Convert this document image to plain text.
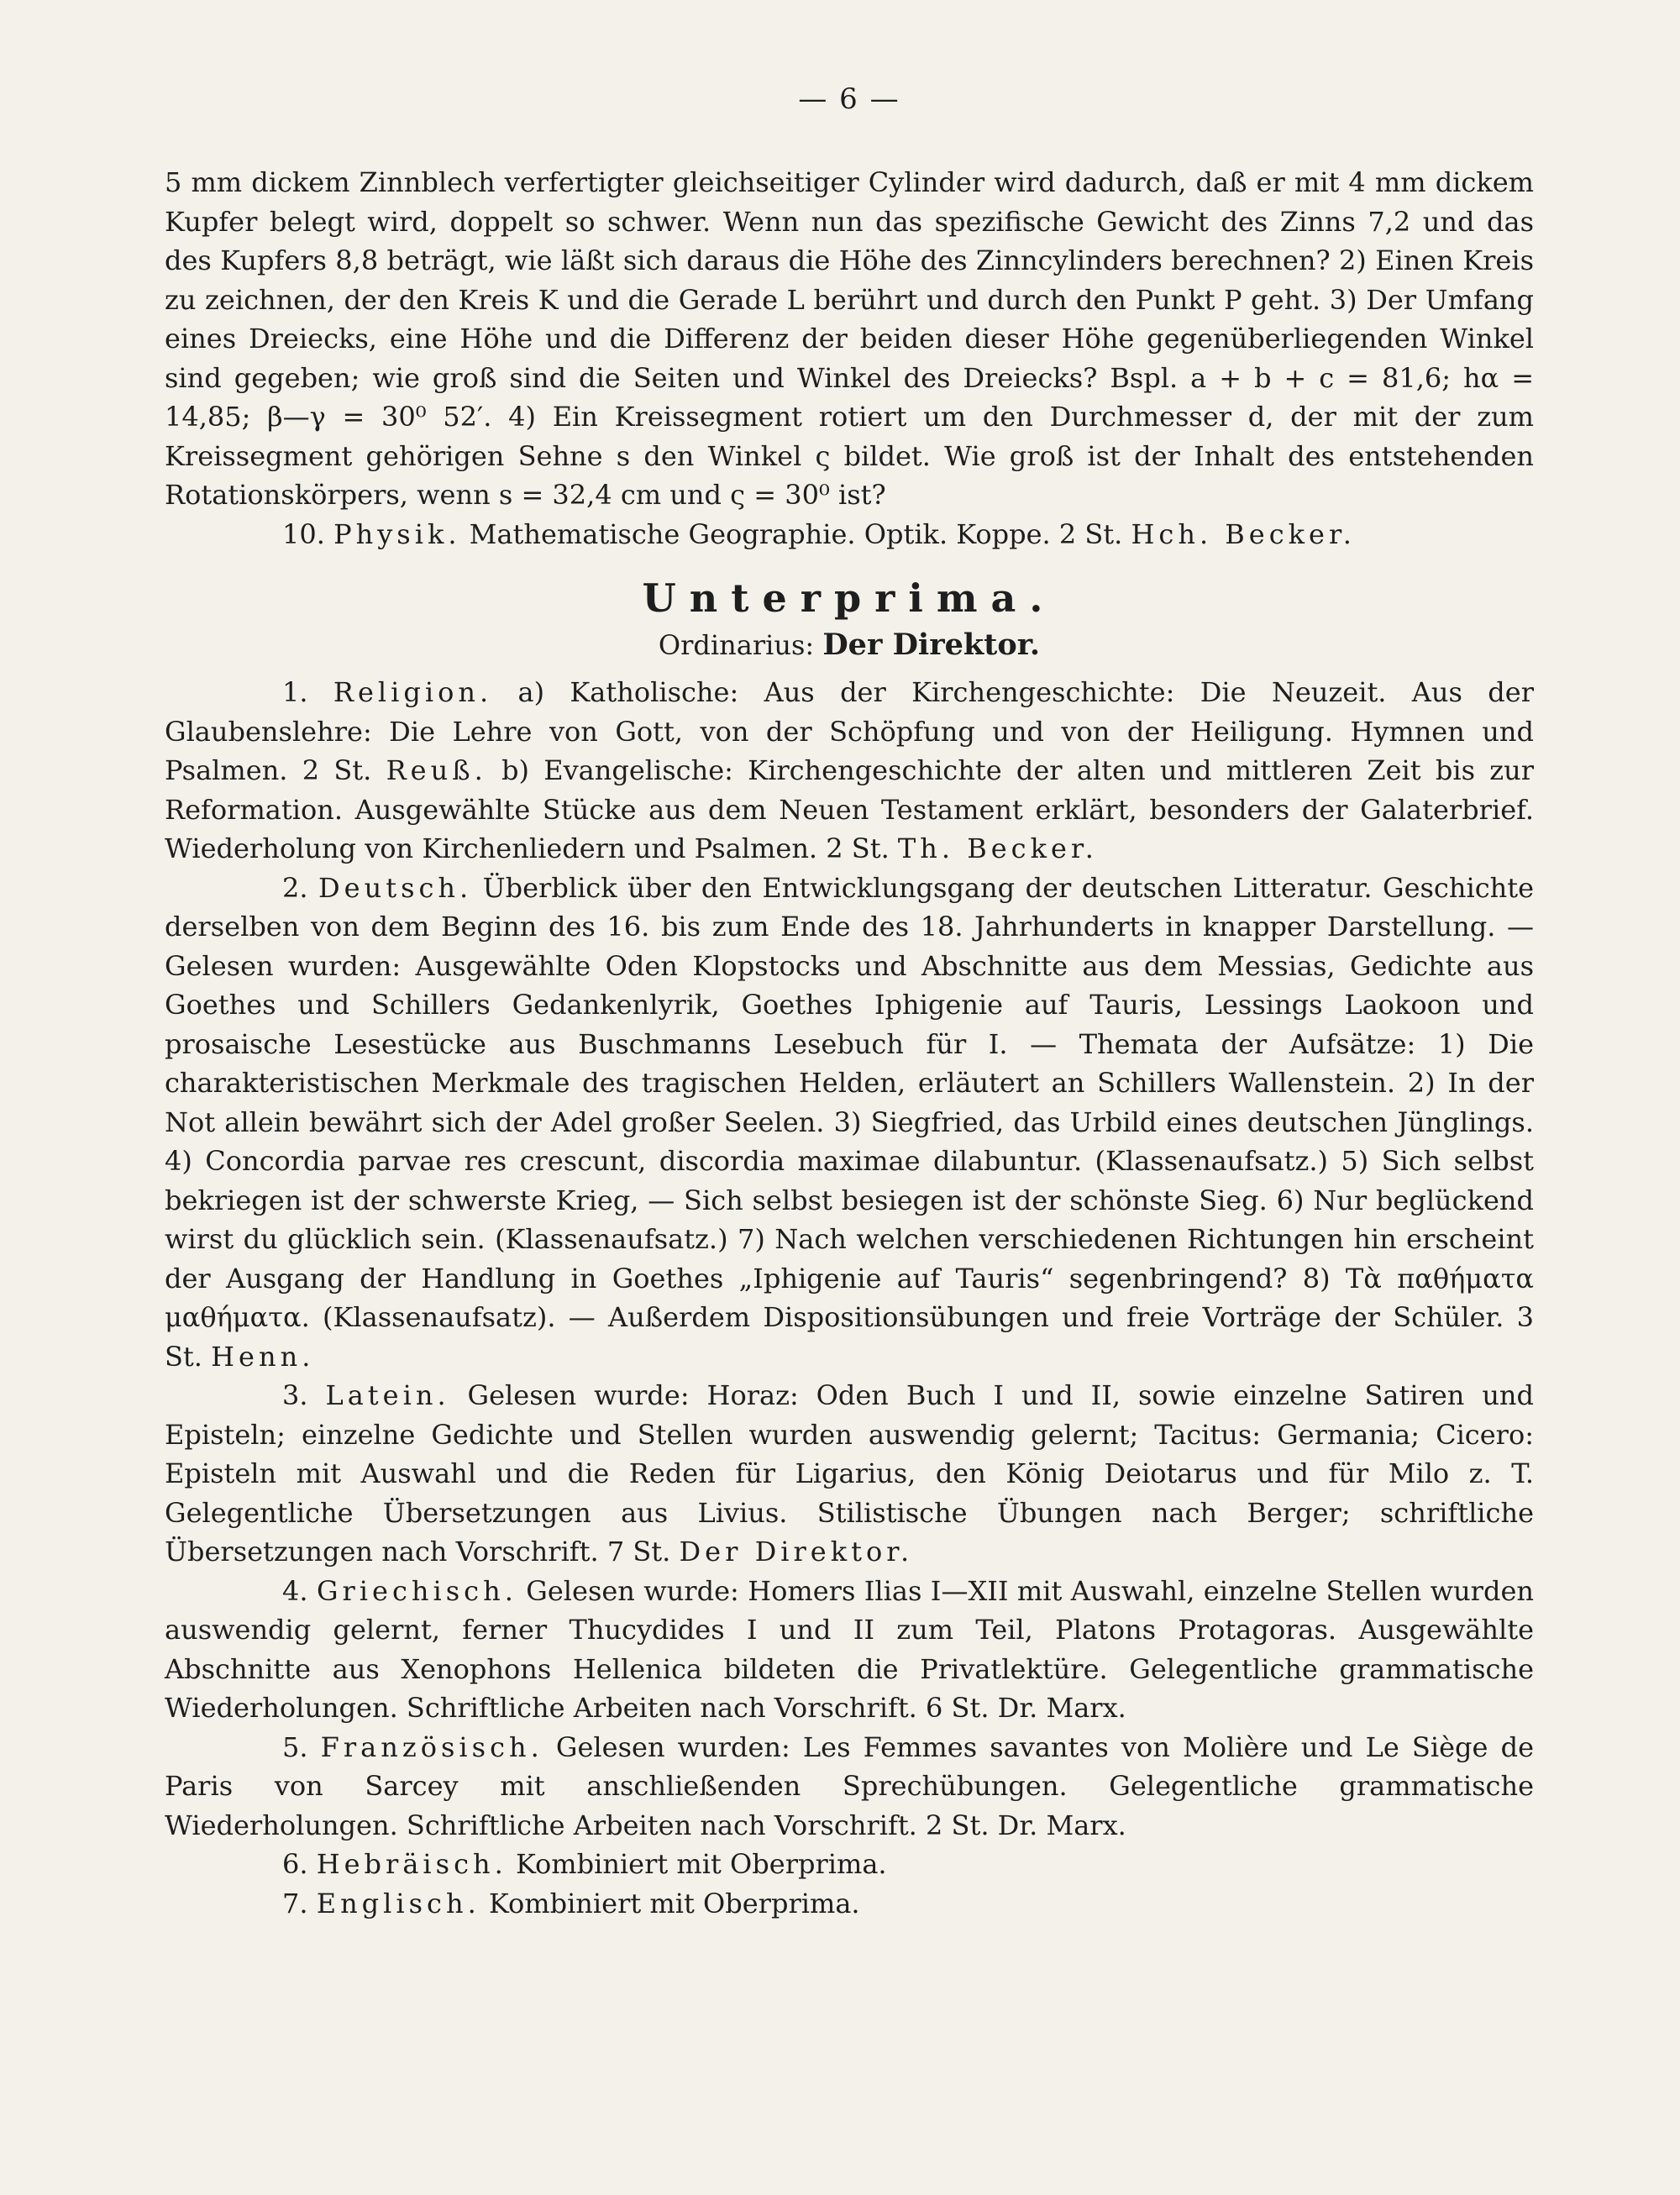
— 6 —

5 mm dickem Zinnblech verfertigter gleichseitiger Cylinder wird dadurch, daß er mit 4 mm dickem Kupfer belegt wird, doppelt so schwer. Wenn nun das spezifische Gewicht des Zinns 7,2 und das des Kupfers 8,8 beträgt, wie läßt sich daraus die Höhe des Zinncylinders berechnen? 2) Einen Kreis zu zeichnen, der den Kreis K und die Gerade L berührt und durch den Punkt P geht. 3) Der Umfang eines Dreiecks, eine Höhe und die Differenz der beiden dieser Höhe gegenüberliegenden Winkel sind gegeben; wie groß sind die Seiten und Winkel des Dreiecks? Bspl. a + b + c = 81,6; hα = 14,85; β—γ = 30⁰ 52′. 4) Ein Kreissegment rotiert um den Durchmesser d, der mit der zum Kreissegment gehörigen Sehne s den Winkel ς bildet. Wie groß ist der Inhalt des entstehenden Rotationskörpers, wenn s = 32,4 cm und ς = 30⁰ ist?

10. Physik. Mathematische Geographie. Optik. Koppe. 2 St. Hch. Becker.

Unterprima.
Ordinarius: Der Direktor.

1. Religion. a) Katholische: Aus der Kirchengeschichte: Die Neuzeit. Aus der Glaubenslehre: Die Lehre von Gott, von der Schöpfung und von der Heiligung. Hymnen und Psalmen. 2 St. Reuß. b) Evangelische: Kirchengeschichte der alten und mittleren Zeit bis zur Reformation. Ausgewählte Stücke aus dem Neuen Testament erklärt, besonders der Galaterbrief. Wiederholung von Kirchenliedern und Psalmen. 2 St. Th. Becker.

2. Deutsch. Überblick über den Entwicklungsgang der deutschen Litteratur. Geschichte derselben von dem Beginn des 16. bis zum Ende des 18. Jahrhunderts in knapper Darstellung. — Gelesen wurden: Ausgewählte Oden Klopstocks und Abschnitte aus dem Messias, Gedichte aus Goethes und Schillers Gedankenlyrik, Goethes Iphigenie auf Tauris, Lessings Laokoon und prosaische Lesestücke aus Buschmanns Lesebuch für I. — Themata der Aufsätze: 1) Die charakteristischen Merkmale des tragischen Helden, erläutert an Schillers Wallenstein. 2) In der Not allein bewährt sich der Adel großer Seelen. 3) Siegfried, das Urbild eines deutschen Jünglings. 4) Concordia parvae res crescunt, discordia maximae dilabuntur. (Klassenaufsatz.) 5) Sich selbst bekriegen ist der schwerste Krieg, — Sich selbst besiegen ist der schönste Sieg. 6) Nur beglückend wirst du glücklich sein. (Klassenaufsatz.) 7) Nach welchen verschiedenen Richtungen hin erscheint der Ausgang der Handlung in Goethes „Iphigenie auf Tauris“ segenbringend? 8) Τὰ παθήματα μαθήματα. (Klassenaufsatz). — Außerdem Dispositionsübungen und freie Vorträge der Schüler. 3 St. Henn.

3. Latein. Gelesen wurde: Horaz: Oden Buch I und II, sowie einzelne Satiren und Episteln; einzelne Gedichte und Stellen wurden auswendig gelernt; Tacitus: Germania; Cicero: Episteln mit Auswahl und die Reden für Ligarius, den König Deiotarus und für Milo z. T. Gelegentliche Übersetzungen aus Livius. Stilistische Übungen nach Berger; schriftliche Übersetzungen nach Vorschrift. 7 St. Der Direktor.

4. Griechisch. Gelesen wurde: Homers Ilias I—XII mit Auswahl, einzelne Stellen wurden auswendig gelernt, ferner Thucydides I und II zum Teil, Platons Protagoras. Ausgewählte Abschnitte aus Xenophons Hellenica bildeten die Privatlektüre. Gelegentliche grammatische Wiederholungen. Schriftliche Arbeiten nach Vorschrift. 6 St. Dr. Marx.

5. Französisch. Gelesen wurden: Les Femmes savantes von Molière und Le Siège de Paris von Sarcey mit anschließenden Sprechübungen. Gelegentliche grammatische Wiederholungen. Schriftliche Arbeiten nach Vorschrift. 2 St. Dr. Marx.

6. Hebräisch. Kombiniert mit Oberprima.

7. Englisch. Kombiniert mit Oberprima.
